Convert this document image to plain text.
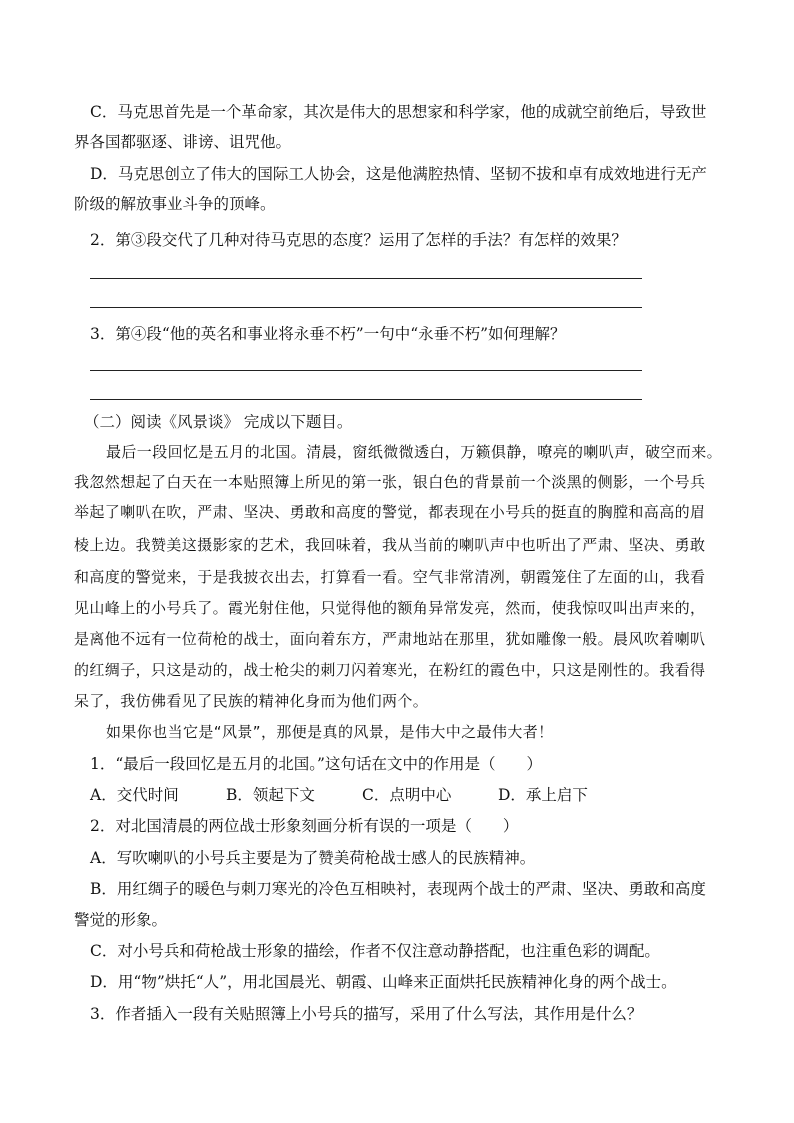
C．马克思首先是一个革命家，其次是伟大的思想家和科学家，他的成就空前绝后，导致世
界各国都驱逐、诽谤、诅咒他。
D．马克思创立了伟大的国际工人协会，这是他满腔热情、坚韧不拔和卓有成效地进行无产
阶级的解放事业斗争的顶峰。
2．第③段交代了几种对待马克思的态度？运用了怎样的手法？有怎样的效果？
3．第④段“他的英名和事业将永垂不朽”一句中“永垂不朽”如何理解？
（二）阅读《风景谈》 完成以下题目。
最后一段回忆是五月的北国。清晨，窗纸微微透白，万籁俱静，嘹亮的喇叭声，破空而来。
我忽然想起了白天在一本贴照簿上所见的第一张，银白色的背景前一个淡黑的侧影，一个号兵
举起了喇叭在吹，严肃、坚决、勇敢和高度的警觉，都表现在小号兵的挺直的胸膛和高高的眉
棱上边。我赞美这摄影家的艺术，我回味着，我从当前的喇叭声中也听出了严肃、坚决、勇敢
和高度的警觉来，于是我披衣出去，打算看一看。空气非常清冽，朝霞笼住了左面的山，我看
见山峰上的小号兵了。霞光射住他，只觉得他的额角异常发亮，然而，使我惊叹叫出声来的，
是离他不远有一位荷枪的战士，面向着东方，严肃地站在那里，犹如雕像一般。晨风吹着喇叭
的红绸子，只这是动的，战士枪尖的刺刀闪着寒光，在粉红的霞色中，只这是刚性的。我看得
呆了，我仿佛看见了民族的精神化身而为他们两个。
如果你也当它是“风景”，那便是真的风景，是伟大中之最伟大者！
1．“最后一段回忆是五月的北国。”这句话在文中的作用是（　　）
A．交代时间	B．领起下文	C．点明中心	D．承上启下
2．对北国清晨的两位战士形象刻画分析有误的一项是（　　）
A．写吹喇叭的小号兵主要是为了赞美荷枪战士感人的民族精神。
B．用红绸子的暖色与刺刀寒光的冷色互相映衬，表现两个战士的严肃、坚决、勇敢和高度
警觉的形象。
C．对小号兵和荷枪战士形象的描绘，作者不仅注意动静搭配，也注重色彩的调配。
D．用“物”烘托“人”，用北国晨光、朝霞、山峰来正面烘托民族精神化身的两个战士。
3．作者插入一段有关贴照簿上小号兵的描写，采用了什么写法，其作用是什么？
